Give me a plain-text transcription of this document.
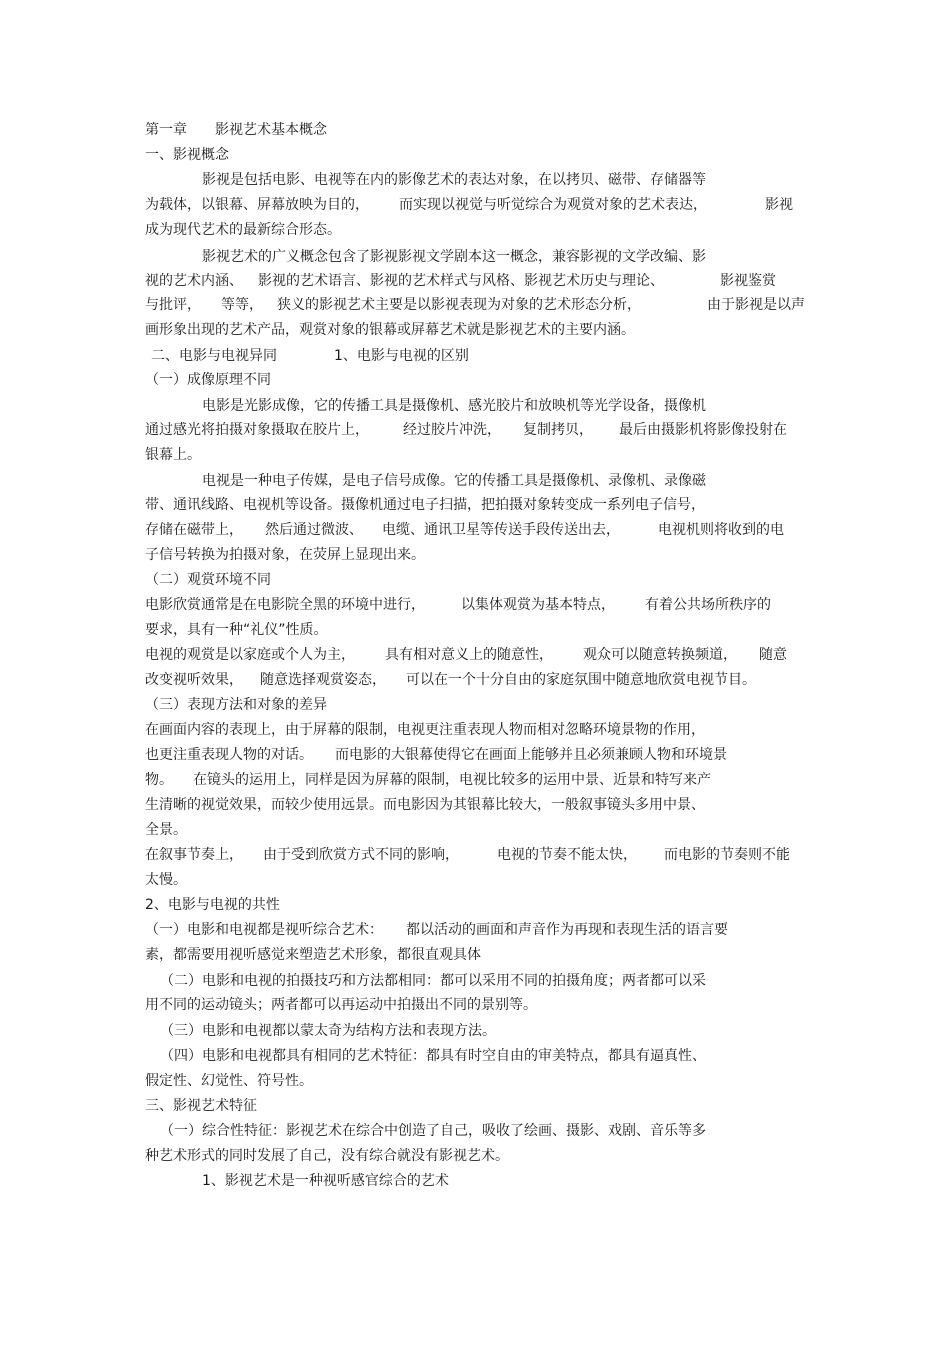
第一章　　影视艺术基本概念
一、影视概念
影视是包括电影、电视等在内的影像艺术的表达对象，在以拷贝、磁带、存储器等
为载体，以银幕、屏幕放映为目的， 而实现以视觉与听觉综合为观赏对象的艺术表达，	影视
成为现代艺术的最新综合形态。
影视艺术的广义概念包含了影视影视文学剧本这一概念，兼容影视的文学改编、影
视的艺术内涵、 影视的艺术语言、影视的艺术样式与风格、影视艺术历史与理论、	影视鉴赏
与批评， 等等， 狭义的影视艺术主要是以影视表现为对象的艺术形态分析，	由于影视是以声
画形象出现的艺术产品，观赏对象的银幕或屏幕艺术就是影视艺术的主要内涵。
二、电影与电视异同	1、电影与电视的区别
（一）成像原理不同
电影是光影成像，它的传播工具是摄像机、感光胶片和放映机等光学设备，摄像机
通过感光将拍摄对象摄取在胶片上， 经过胶片冲洗， 复制拷贝， 最后由摄影机将影像投射在
银幕上。
电视是一种电子传媒，是电子信号成像。它的传播工具是摄像机、录像机、录像磁
带、通讯线路、电视机等设备。摄像机通过电子扫描，把拍摄对象转变成一系列电子信号，
存储在磁带上， 然后通过微波、 电缆、通讯卫星等传送手段传送出去，	电视机则将收到的电
子信号转换为拍摄对象，在荧屏上显现出来。
（二）观赏环境不同
电影欣赏通常是在电影院全黑的环境中进行，	以集体观赏为基本特点， 有着公共场所秩序的
要求，具有一种“礼仪”性质。
电视的观赏是以家庭或个人为主， 具有相对意义上的随意性， 观众可以随意转换频道， 随意
改变视听效果， 随意选择观赏姿态， 可以在一个十分自由的家庭氛围中随意地欣赏电视节目。
（三）表现方法和对象的差异
在画面内容的表现上，由于屏幕的限制，电视更注重表现人物而相对忽略环境景物的作用，
也更注重表现人物的对话。 而电影的大银幕使得它在画面上能够并且必须兼顾人物和环境景
物。 在镜头的运用上，同样是因为屏幕的限制，电视比较多的运用中景、近景和特写来产
生清晰的视觉效果，而较少使用远景。而电影因为其银幕比较大，一般叙事镜头多用中景、
全景。
在叙事节奏上， 由于受到欣赏方式不同的影响，	电视的节奏不能太快， 而电影的节奏则不能
太慢。
2、电影与电视的共性
（一）电影和电视都是视听综合艺术： 都以活动的画面和声音作为再现和表现生活的语言要
素，都需要用视听感觉来塑造艺术形象，都很直观具体
（二）电影和电视的拍摄技巧和方法都相同：都可以采用不同的拍摄角度；两者都可以采
用不同的运动镜头；两者都可以再运动中拍摄出不同的景别等。
（三）电影和电视都以蒙太奇为结构方法和表现方法。
（四）电影和电视都具有相同的艺术特征：都具有时空自由的审美特点，都具有逼真性、
假定性、幻觉性、符号性。
三、影视艺术特征
（一）综合性特征：影视艺术在综合中创造了自己，吸收了绘画、摄影、戏剧、音乐等多
种艺术形式的同时发展了自己，没有综合就没有影视艺术。
1、影视艺术是一种视听感官综合的艺术
